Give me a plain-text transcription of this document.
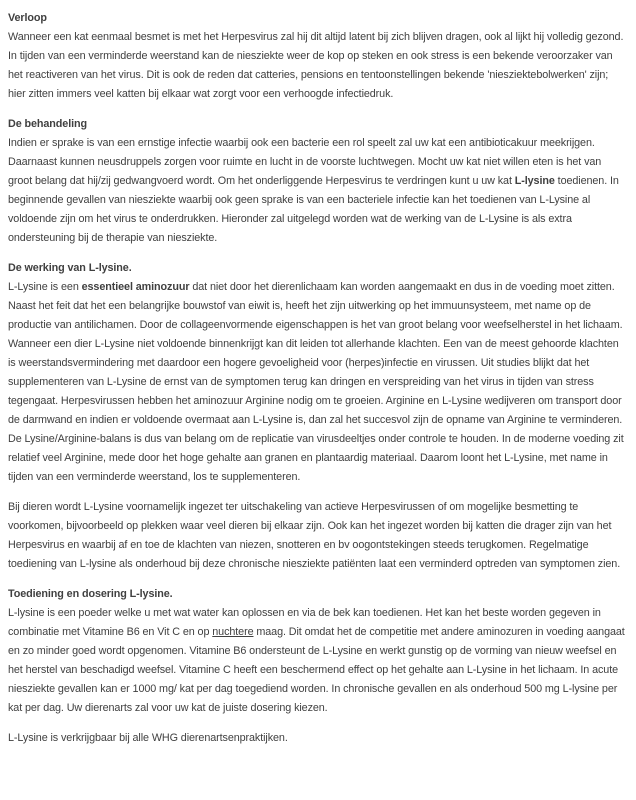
Verloop

Wanneer een kat eenmaal besmet is met het Herpesvirus zal hij dit altijd latent bij zich blijven dragen, ook al lijkt hij volledig gezond. In tijden van een verminderde weerstand kan de niesziekte weer de kop op steken en ook stress is een bekende veroorzaker van het reactiveren van het virus. Dit is ook de reden dat catteries, pensions en tentoonstellingen bekende 'niesziektebolwerken' zijn; hier zitten immers veel katten bij elkaar wat zorgt voor een verhoogde infectiedruk.

De behandeling

Indien er sprake is van een ernstige infectie waarbij ook een bacterie een rol speelt zal uw kat een antibioticakuur meekrijgen. Daarnaast kunnen neusdruppels zorgen voor ruimte en lucht in de voorste luchtwegen. Mocht uw kat niet willen eten is het van groot belang dat hij/zij gedwangvoerd wordt. Om het onderliggende Herpesvirus te verdringen kunt u uw kat L-lysine toedienen. In beginnende gevallen van niesziekte waarbij ook geen sprake is van een bacteriele infectie kan het toedienen van L-Lysine al voldoende zijn om het virus te onderdrukken. Hieronder zal uitgelegd worden wat de werking van de L-Lysine is als extra ondersteuning bij de therapie van niesziekte.

De werking van L-lysine.

L-Lysine is een essentieel aminozuur dat niet door het dierenlichaam kan worden aangemaakt en dus in de voeding moet zitten. Naast het feit dat het een belangrijke bouwstof van eiwit is, heeft het zijn uitwerking op het immuunsysteem, met name op de productie van antilichamen. Door de collageenvormende eigenschappen is het van groot belang voor weefselherstel in het lichaam. Wanneer een dier L-Lysine niet voldoende binnenkrijgt kan dit leiden tot allerhande klachten. Een van de meest gehoorde klachten is weerstandsvermindering met daardoor een hogere gevoeligheid voor (herpes)infectie en virussen. Uit studies blijkt dat het supplementeren van L-Lysine de ernst van de symptomen terug kan dringen en verspreiding van het virus in tijden van stress tegengaat. Herpesvirussen hebben het aminozuur Arginine nodig om te groeien. Arginine en L-Lysine wedijveren om transport door de darmwand en indien er voldoende overmaat aan L-Lysine is, dan zal het succesvol zijn de opname van Arginine te verminderen. De Lysine/Arginine-balans is dus van belang om de replicatie van virusdeeltjes onder controle te houden. In de moderne voeding zit relatief veel Arginine, mede door het hoge gehalte aan granen en plantaardig materiaal. Daarom loont het L-Lysine, met name in tijden van een verminderde weerstand, los te supplementeren.

Bij dieren wordt L-Lysine voornamelijk ingezet ter uitschakeling van actieve Herpesvirussen of om mogelijke besmetting te voorkomen, bijvoorbeeld op plekken waar veel dieren bij elkaar zijn. Ook kan het ingezet worden bij katten die drager zijn van het Herpesvirus en waarbij af en toe de klachten van niezen, snotteren en bv oogontstekingen steeds terugkomen. Regelmatige toediening van L-lysine als onderhoud bij deze chronische niesziekte patiënten laat een verminderd optreden van symptomen zien.

Toediening en dosering L-lysine.

L-lysine is een poeder welke u met wat water kan oplossen en via de bek kan toedienen. Het kan het beste worden gegeven in combinatie met Vitamine B6 en Vit C en op nuchtere maag. Dit omdat het de competitie met andere aminozuren in voeding aangaat en zo minder goed wordt opgenomen. Vitamine B6 ondersteunt de L-Lysine en werkt gunstig op de vorming van nieuw weefsel en het herstel van beschadigd weefsel. Vitamine C heeft een beschermend effect op het gehalte aan L-Lysine in het lichaam. In acute niesziekte gevallen kan er 1000 mg/ kat per dag toegediend worden. In chronische gevallen en als onderhoud 500 mg L-lysine per kat per dag. Uw dierenarts zal voor uw kat de juiste dosering kiezen.

L-Lysine is verkrijgbaar bij alle WHG dierenartsenpraktijken.
